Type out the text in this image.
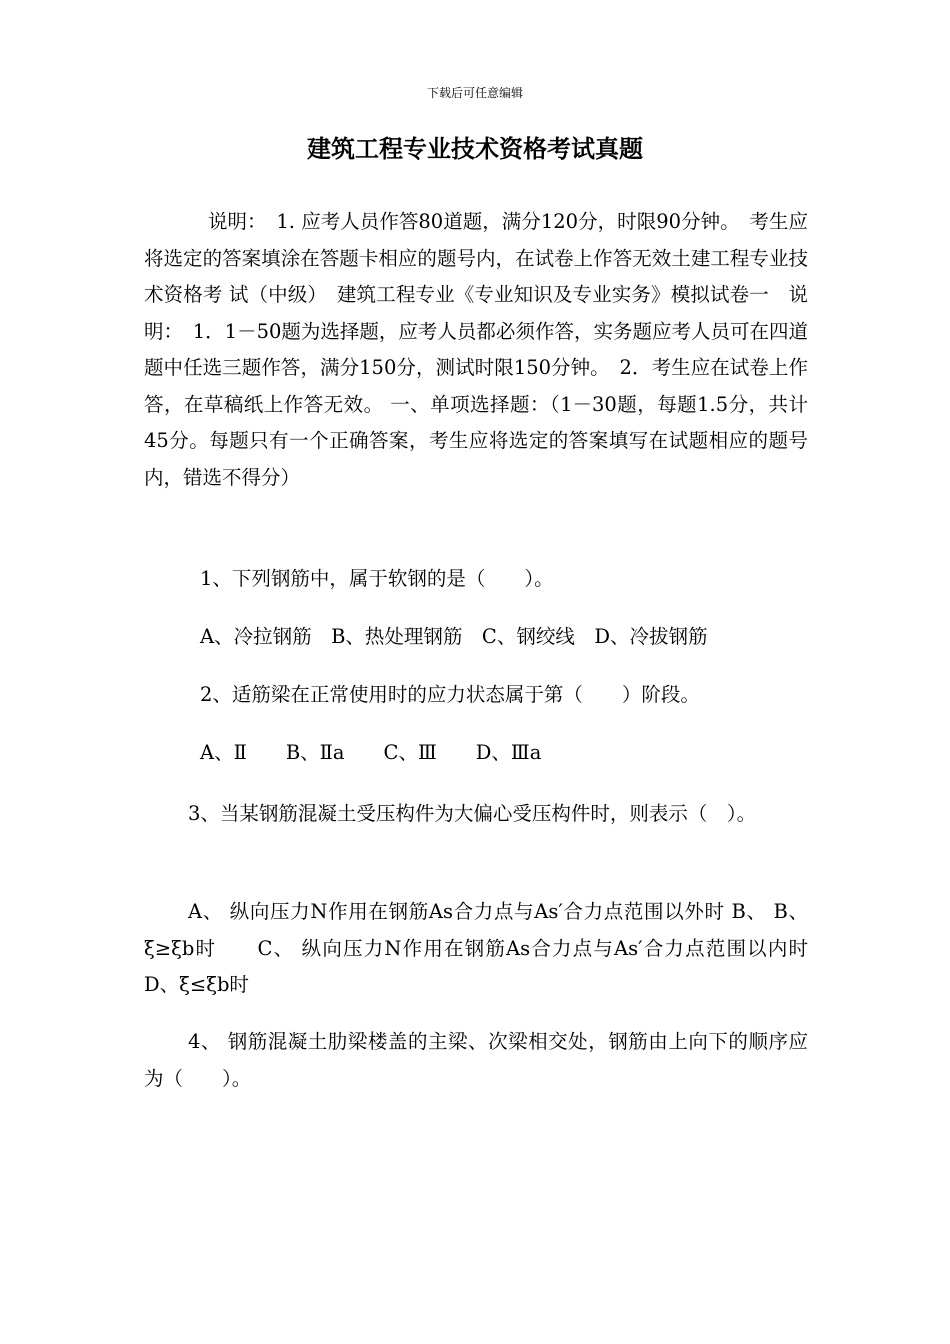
下载后可任意编辑
建筑工程专业技术资格考试真题

说明：　1. 应考人员作答80道题，满分120分，时限90分钟。　考生应将选定的答案填涂在答题卡相应的题号内，在试卷上作答无效土建工程专业技术资格考 试（中级）　建筑工程专业《专业知识及专业实务》模拟试卷一　说明：　1．1－50题为选择题，应考人员都必须作答，实务题应考人员可在四道题中任选三题作答，满分150分，测试时限150分钟。　2．考生应在试卷上作答，在草稿纸上作答无效。 一、单项选择题：（1－30题，每题1.5分，共计45分。每题只有一个正确答案，考生应将选定的答案填写在试题相应的题号内，错选不得分）

1、下列钢筋中，属于软钢的是（　　）。

A、冷拉钢筋　B、热处理钢筋　C、钢绞线　D、冷拔钢筋

2、适筋梁在正常使用时的应力状态属于第（　　）阶段。

A、Ⅱ　　B、Ⅱa　　C、Ⅲ　　D、Ⅲa

3、当某钢筋混凝土受压构件为大偏心受压构件时，则表示（　）。

A、 纵向压力N作用在钢筋As合力点与As′合力点范围以外时 B、 B、ξ≥ξb时　　C、 纵向压力N作用在钢筋As合力点与As′合力点范围以内时　 D、ξ≤ξb时

4、 钢筋混凝土肋梁楼盖的主梁、次梁相交处，钢筋由上向下的顺序应为（　　）。
